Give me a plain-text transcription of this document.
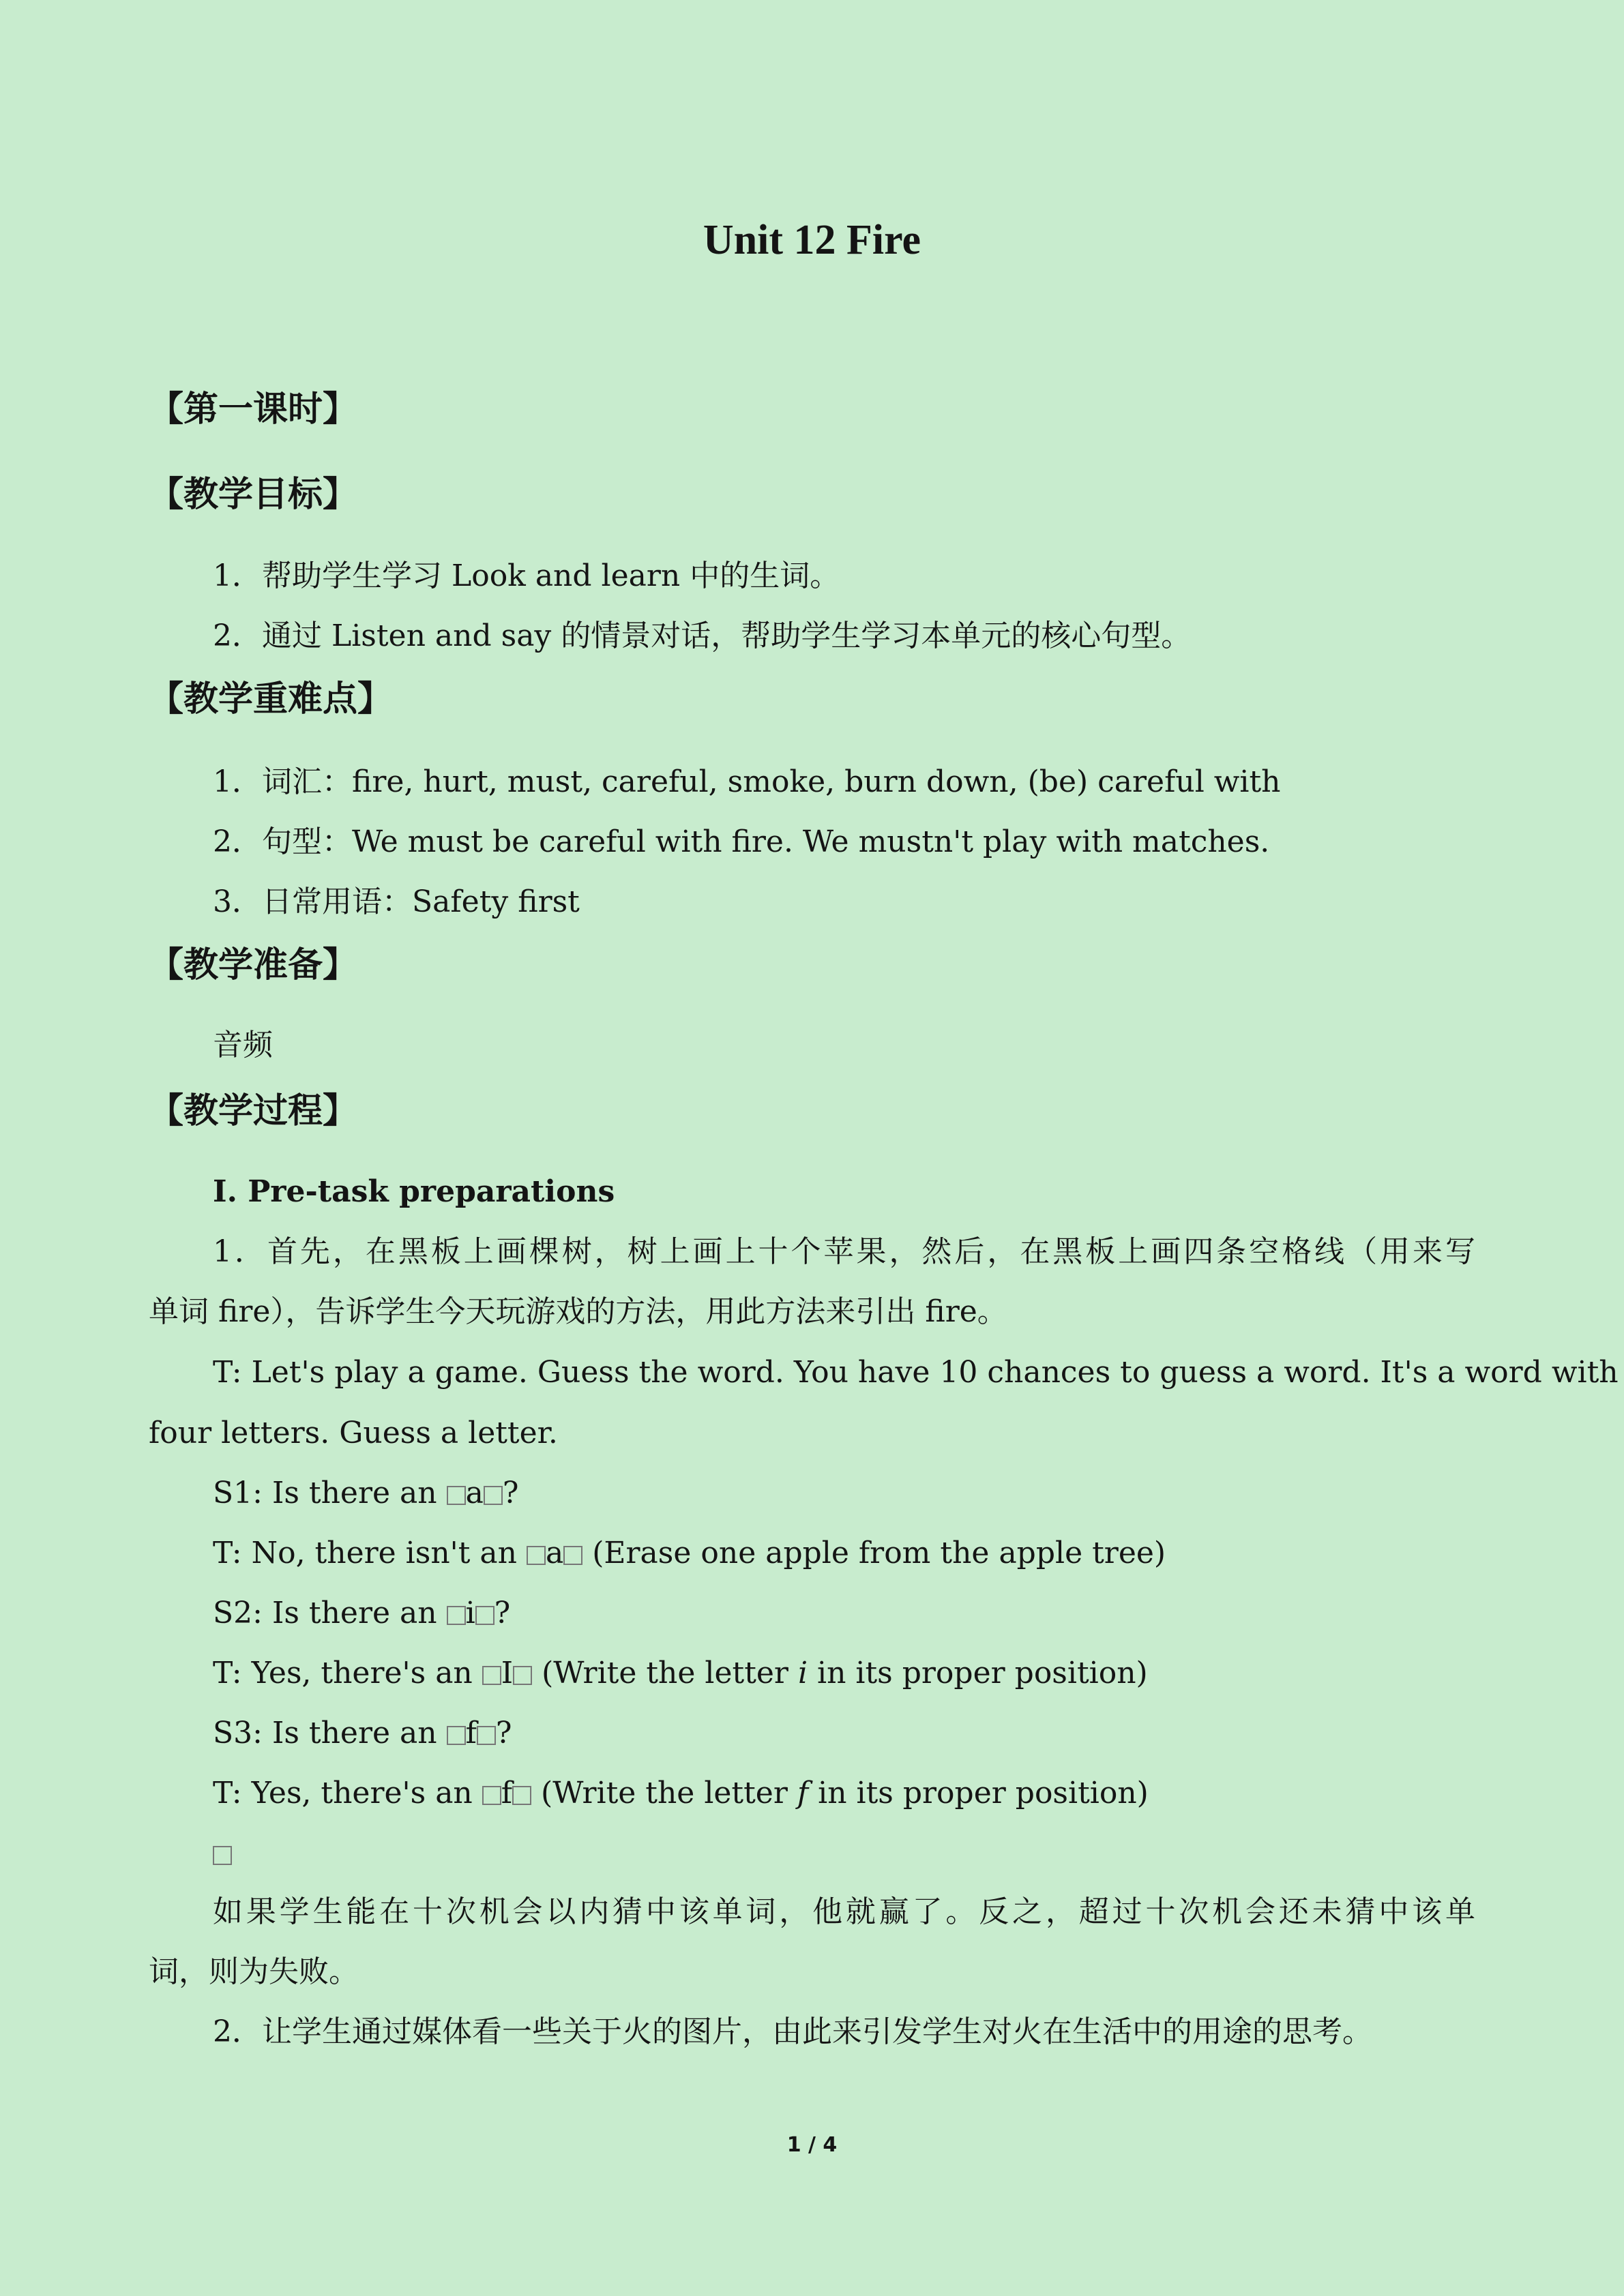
Unit 12 Fire
【第一课时】
【教学目标】
1．帮助学生学习 Look and learn 中的生词。
2．通过 Listen and say 的情景对话，帮助学生学习本单元的核心句型。
【教学重难点】
1．词汇：fire, hurt, must, careful, smoke, burn down, (be) careful with
2．句型：We must be careful with fire. We mustn't play with matches.
3．日常用语：Safety first
【教学准备】
音频
【教学过程】
Ⅰ. Pre-task preparations
1．首先，在黑板上画棵树，树上画上十个苹果，然后，在黑板上画四条空格线（用来写
单词 fire），告诉学生今天玩游戏的方法，用此方法来引出 fire。
T: Let's play a game. Guess the word. You have 10 chances to guess a word. It's a word with
four letters. Guess a letter.
S1: Is there an a ?
T: No, there isn't an a (Erase one apple from the apple tree)
S2: Is there an i ?
T: Yes, there's an I (Write the letter i in its proper position)
S3: Is there an f ?
T: Yes, there's an f (Write the letter f in its proper position)
如果学生能在十次机会以内猜中该单词，他就赢了。反之，超过十次机会还未猜中该单
词，则为失败。
2．让学生通过媒体看一些关于火的图片，由此来引发学生对火在生活中的用途的思考。
1 / 4
